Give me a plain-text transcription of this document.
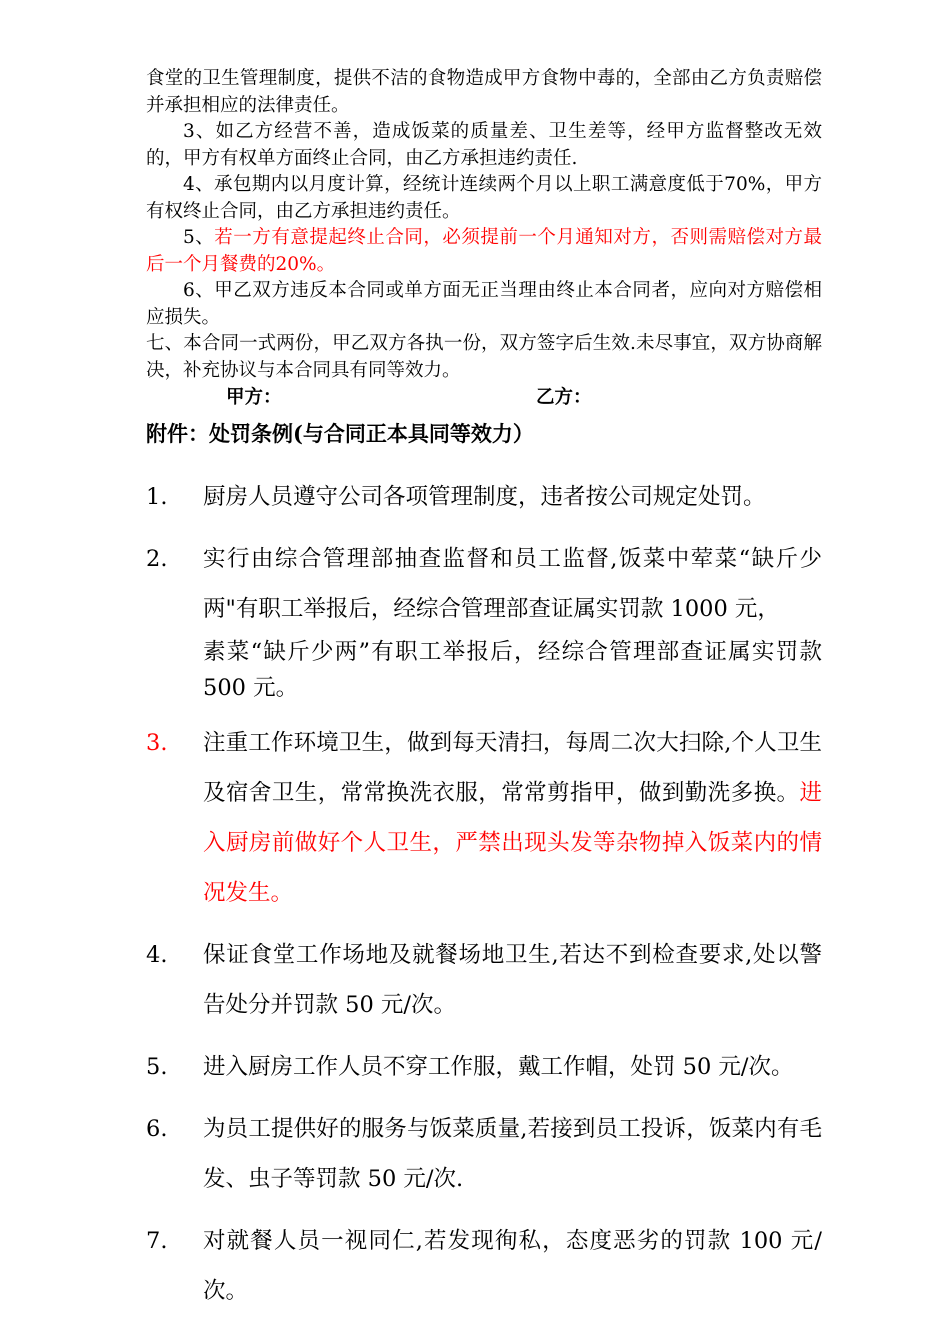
食堂的卫生管理制度，提供不洁的食物造成甲方食物中毒的，全部由乙方负责赔偿并承担相应的法律责任。

3、如乙方经营不善，造成饭菜的质量差、卫生差等，经甲方监督整改无效的，甲方有权单方面终止合同，由乙方承担违约责任.

4、承包期内以月度计算，经统计连续两个月以上职工满意度低于70%，甲方有权终止合同，由乙方承担违约责任。

5、若一方有意提起终止合同，必须提前一个月通知对方，否则需赔偿对方最后一个月餐费的20%。

6、甲乙双方违反本合同或单方面无正当理由终止本合同者，应向对方赔偿相应损失。

七、本合同一式两份，甲乙双方各执一份，双方签字后生效.未尽事宜，双方协商解决，补充协议与本合同具有同等效力。

甲方：	乙方：
附件：处罚条例(与合同正本具同等效力）
1.	厨房人员遵守公司各项管理制度，违者按公司规定处罚。
2.	实行由综合管理部抽查监督和员工监督,饭菜中荤菜“缺斤少两"有职工举报后，经综合管理部查证属实罚款 1000 元，
素菜“缺斤少两”有职工举报后，经综合管理部查证属实罚款 500 元。
3.	注重工作环境卫生，做到每天清扫，每周二次大扫除,个人卫生及宿舍卫生，常常换洗衣服，常常剪指甲，做到勤洗多换。进入厨房前做好个人卫生，严禁出现头发等杂物掉入饭菜内的情况发生。
4.	保证食堂工作场地及就餐场地卫生,若达不到检查要求,处以警告处分并罚款 50 元/次。
5.	进入厨房工作人员不穿工作服，戴工作帽，处罚 50 元/次。
6.	为员工提供好的服务与饭菜质量,若接到员工投诉，饭菜内有毛发、虫子等罚款 50 元/次.
7.	对就餐人员一视同仁,若发现徇私，态度恶劣的罚款 100 元/次。
